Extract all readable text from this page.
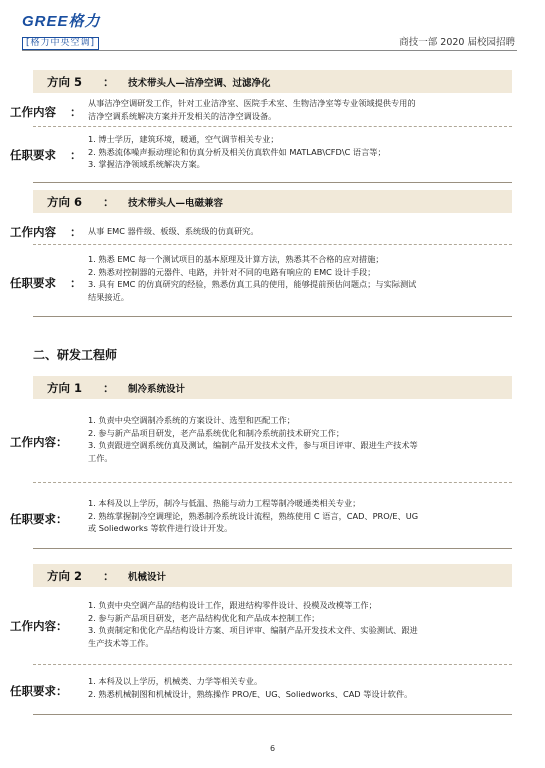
GREE格力
[格力中央空调]	商技一部 2020 届校园招聘
方向 5 ： 技术带头人—洁净空调、过滤净化
工作内容 ：
从事洁净空调研发工作，针对工业洁净室、医院手术室、生物洁净室等专业领域提供专用的
洁净空调系统解决方案并开发相关的洁净空调设备。
任职要求 ：
1. 博士学历，建筑环境，暖通，空气调节相关专业；
2. 熟悉流体噪声振动理论和仿真分析及相关仿真软件如 MATLAB\CFD\C 语言等；
3. 掌握洁净领域系统解决方案。
方向 6 ： 技术带头人—电磁兼容
工作内容 ： 从事 EMC 器件级、板级、系统级的仿真研究。
任职要求 ：
1. 熟悉 EMC 每一个测试项目的基本原理及计算方法，熟悉其不合格的应对措施；
2. 熟悉对控制器的元器件、电路，并针对不同的电路有响应的 EMC 设计手段；
3. 具有 EMC 的仿真研究的经验，熟悉仿真工具的使用，能够提前预估问题点；与实际测试
结果接近。
二、研发工程师
方向 1 ： 制冷系统设计
工作内容：
1. 负责中央空调制冷系统的方案设计、选型和匹配工作；
2. 参与新产品项目研发，老产品系统优化和制冷系统前技术研究工作；
3. 负责跟进空调系统仿真及测试，编制产品开发技术文件，参与项目评审、跟进生产技术等
工作。
任职要求：
1. 本科及以上学历，制冷与低温、热能与动力工程等制冷暖通类相关专业；
2. 熟练掌握制冷空调理论，熟悉制冷系统设计流程，熟练使用 C 语言，CAD、PRO/E、UG
或 Soliedworks 等软件进行设计开发。
方向 2 ： 机械设计
工作内容：
1. 负责中央空调产品的结构设计工作，跟进结构零件设计、投模及改模等工作；
2. 参与新产品项目研发，老产品结构优化和产品成本控制工作；
3. 负责制定和优化产品结构设计方案、项目评审、编制产品开发技术文件、实验测试、跟进
生产技术等工作。
任职要求：
1. 本科及以上学历，机械类、力学等相关专业。
2. 熟悉机械制图和机械设计，熟练操作 PRO/E、UG、Soliedworks、CAD 等设计软件。
6
